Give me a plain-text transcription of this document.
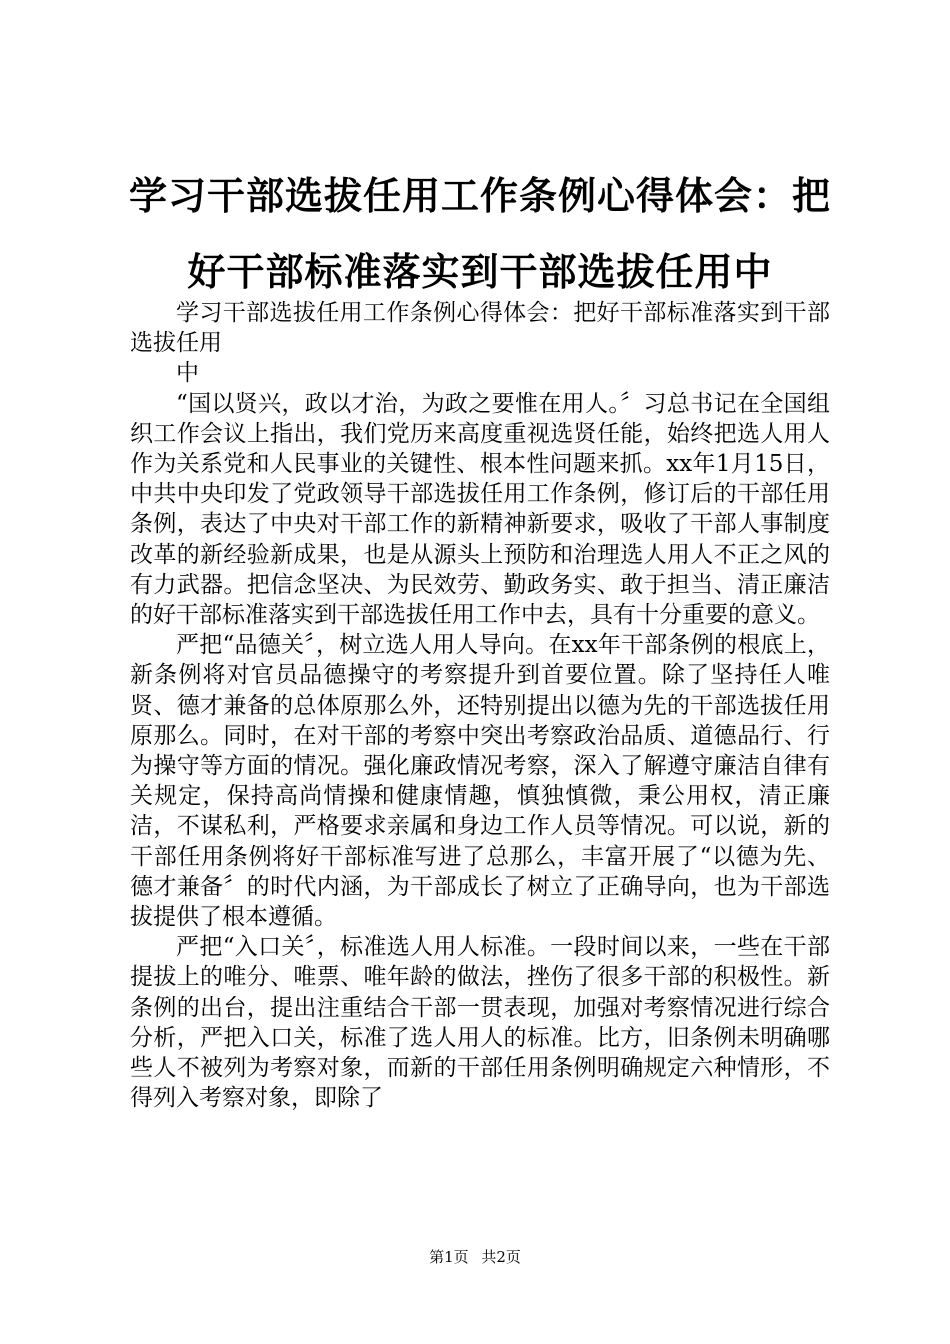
学习干部选拔任用工作条例心得体会：把好干部标准落实到干部选拔任用中

学习干部选拔任用工作条例心得体会：把好干部标准落实到干部选拔任用

中

“国以贤兴，政以才治，为政之要惟在用人。〞习总书记在全国组织工作会议上指出，我们党历来高度重视选贤任能，始终把选人用人作为关系党和人民事业的关键性、根本性问题来抓。xx年1月15日，中共中央印发了党政领导干部选拔任用工作条例，修订后的干部任用条例，表达了中央对干部工作的新精神新要求，吸收了干部人事制度改革的新经验新成果，也是从源头上预防和治理选人用人不正之风的有力武器。把信念坚决、为民效劳、勤政务实、敢于担当、清正廉洁的好干部标准落实到干部选拔任用工作中去，具有十分重要的意义。

严把“品德关〞，树立选人用人导向。在xx年干部条例的根底上，新条例将对官员品德操守的考察提升到首要位置。除了坚持任人唯贤、德才兼备的总体原那么外，还特别提出以德为先的干部选拔任用原那么。同时，在对干部的考察中突出考察政治品质、道德品行、行为操守等方面的情况。强化廉政情况考察，深入了解遵守廉洁自律有关规定，保持高尚情操和健康情趣，慎独慎微，秉公用权，清正廉洁，不谋私利，严格要求亲属和身边工作人员等情况。可以说，新的干部任用条例将好干部标准写进了总那么，丰富开展了“以德为先、德才兼备〞的时代内涵，为干部成长了树立了正确导向，也为干部选拔提供了根本遵循。

严把“入口关〞，标准选人用人标准。一段时间以来，一些在干部提拔上的唯分、唯票、唯年龄的做法，挫伤了很多干部的积极性。新条例的出台，提出注重结合干部一贯表现，加强对考察情况进行综合分析，严把入口关，标准了选人用人的标准。比方，旧条例未明确哪些人不被列为考察对象，而新的干部任用条例明确规定六种情形，不得列入考察对象，即除了

第1页 共2页
